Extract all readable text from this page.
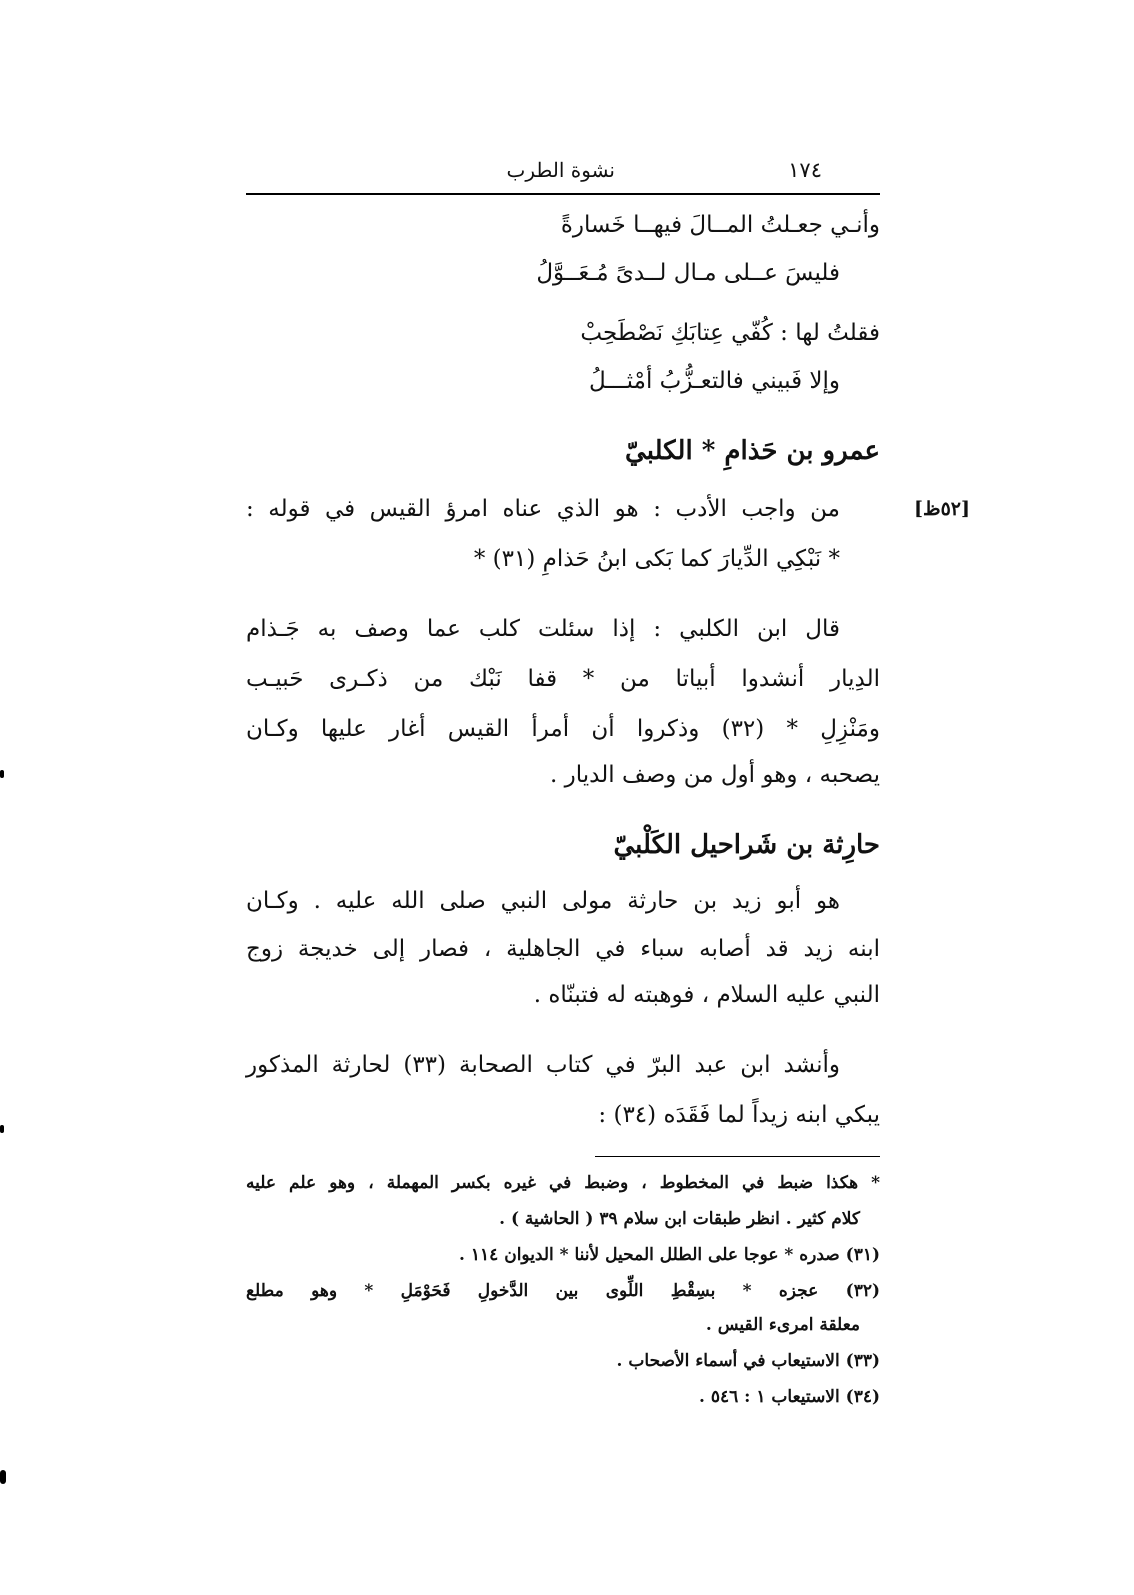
١٧٤
نشوة الطرب
وأنـي جعـلتُ المــالَ فيهــا خَسارةً
فليسَ عــلى مـال لــدىً مُـعَــوَّلُ
فقلتُ لها : كُفّي عِتابَكِ نَصْطَحِبْ
وإلا فَبيني فالتعـزُّبُ أمْثـــلُ
عمرو بن حَذامِ * الكلبيّ
[٥٢ظ]
من واجب الأدب : هو الذي عناه امرؤ القيس في قوله :
* نَبْكِي الدِّيارَ كما بَكى ابنُ حَذامِ (٣١) *
قال ابن الكلبي : إذا سئلت كلب عما وصف به جَـذام
الدِيار أنشدوا أبياتا من * قفا نَبْك من ذكـرى حَبيـب
ومَنْزِلِ * (٣٢) وذكروا أن أمرأ القيس أغار عليها وكـان
يصحبه ، وهو أول من وصف الديار .
حارِثة بن شَراحيل الكَلْبيّ
هو أبو زيد بن حارثة مولى النبي صلى الله عليه . وكـان
ابنه زيد قد أصابه سباء في الجاهلية ، فصار إلى خديجة زوج
النبي عليه السلام ، فوهبته له فتبنّاه .
وأنشد ابن عبد البرّ في كتاب الصحابة (٣٣) لحارثة المذكور
يبكي ابنه زيداً لما فَقَدَه (٣٤) :
* هكذا ضبط في المخطوط ، وضبط في غيره بكسر المهملة ، وهو علم عليه
كلام كثير . انظر طبقات ابن سلام ٣٩ ( الحاشية ) .
(٣١) صدره * عوجا على الطلل المحيل لأننا * الديوان ١١٤ .
(٣٢) عجزه * بسِقْطِ اللِّوى بين الدَّخولِ فَحَوْمَلِ * وهو مطلع
معلقة امرىء القيس .
(٣٣) الاستيعاب في أسماء الأصحاب .
(٣٤) الاستيعاب ١ : ٥٤٦ .
